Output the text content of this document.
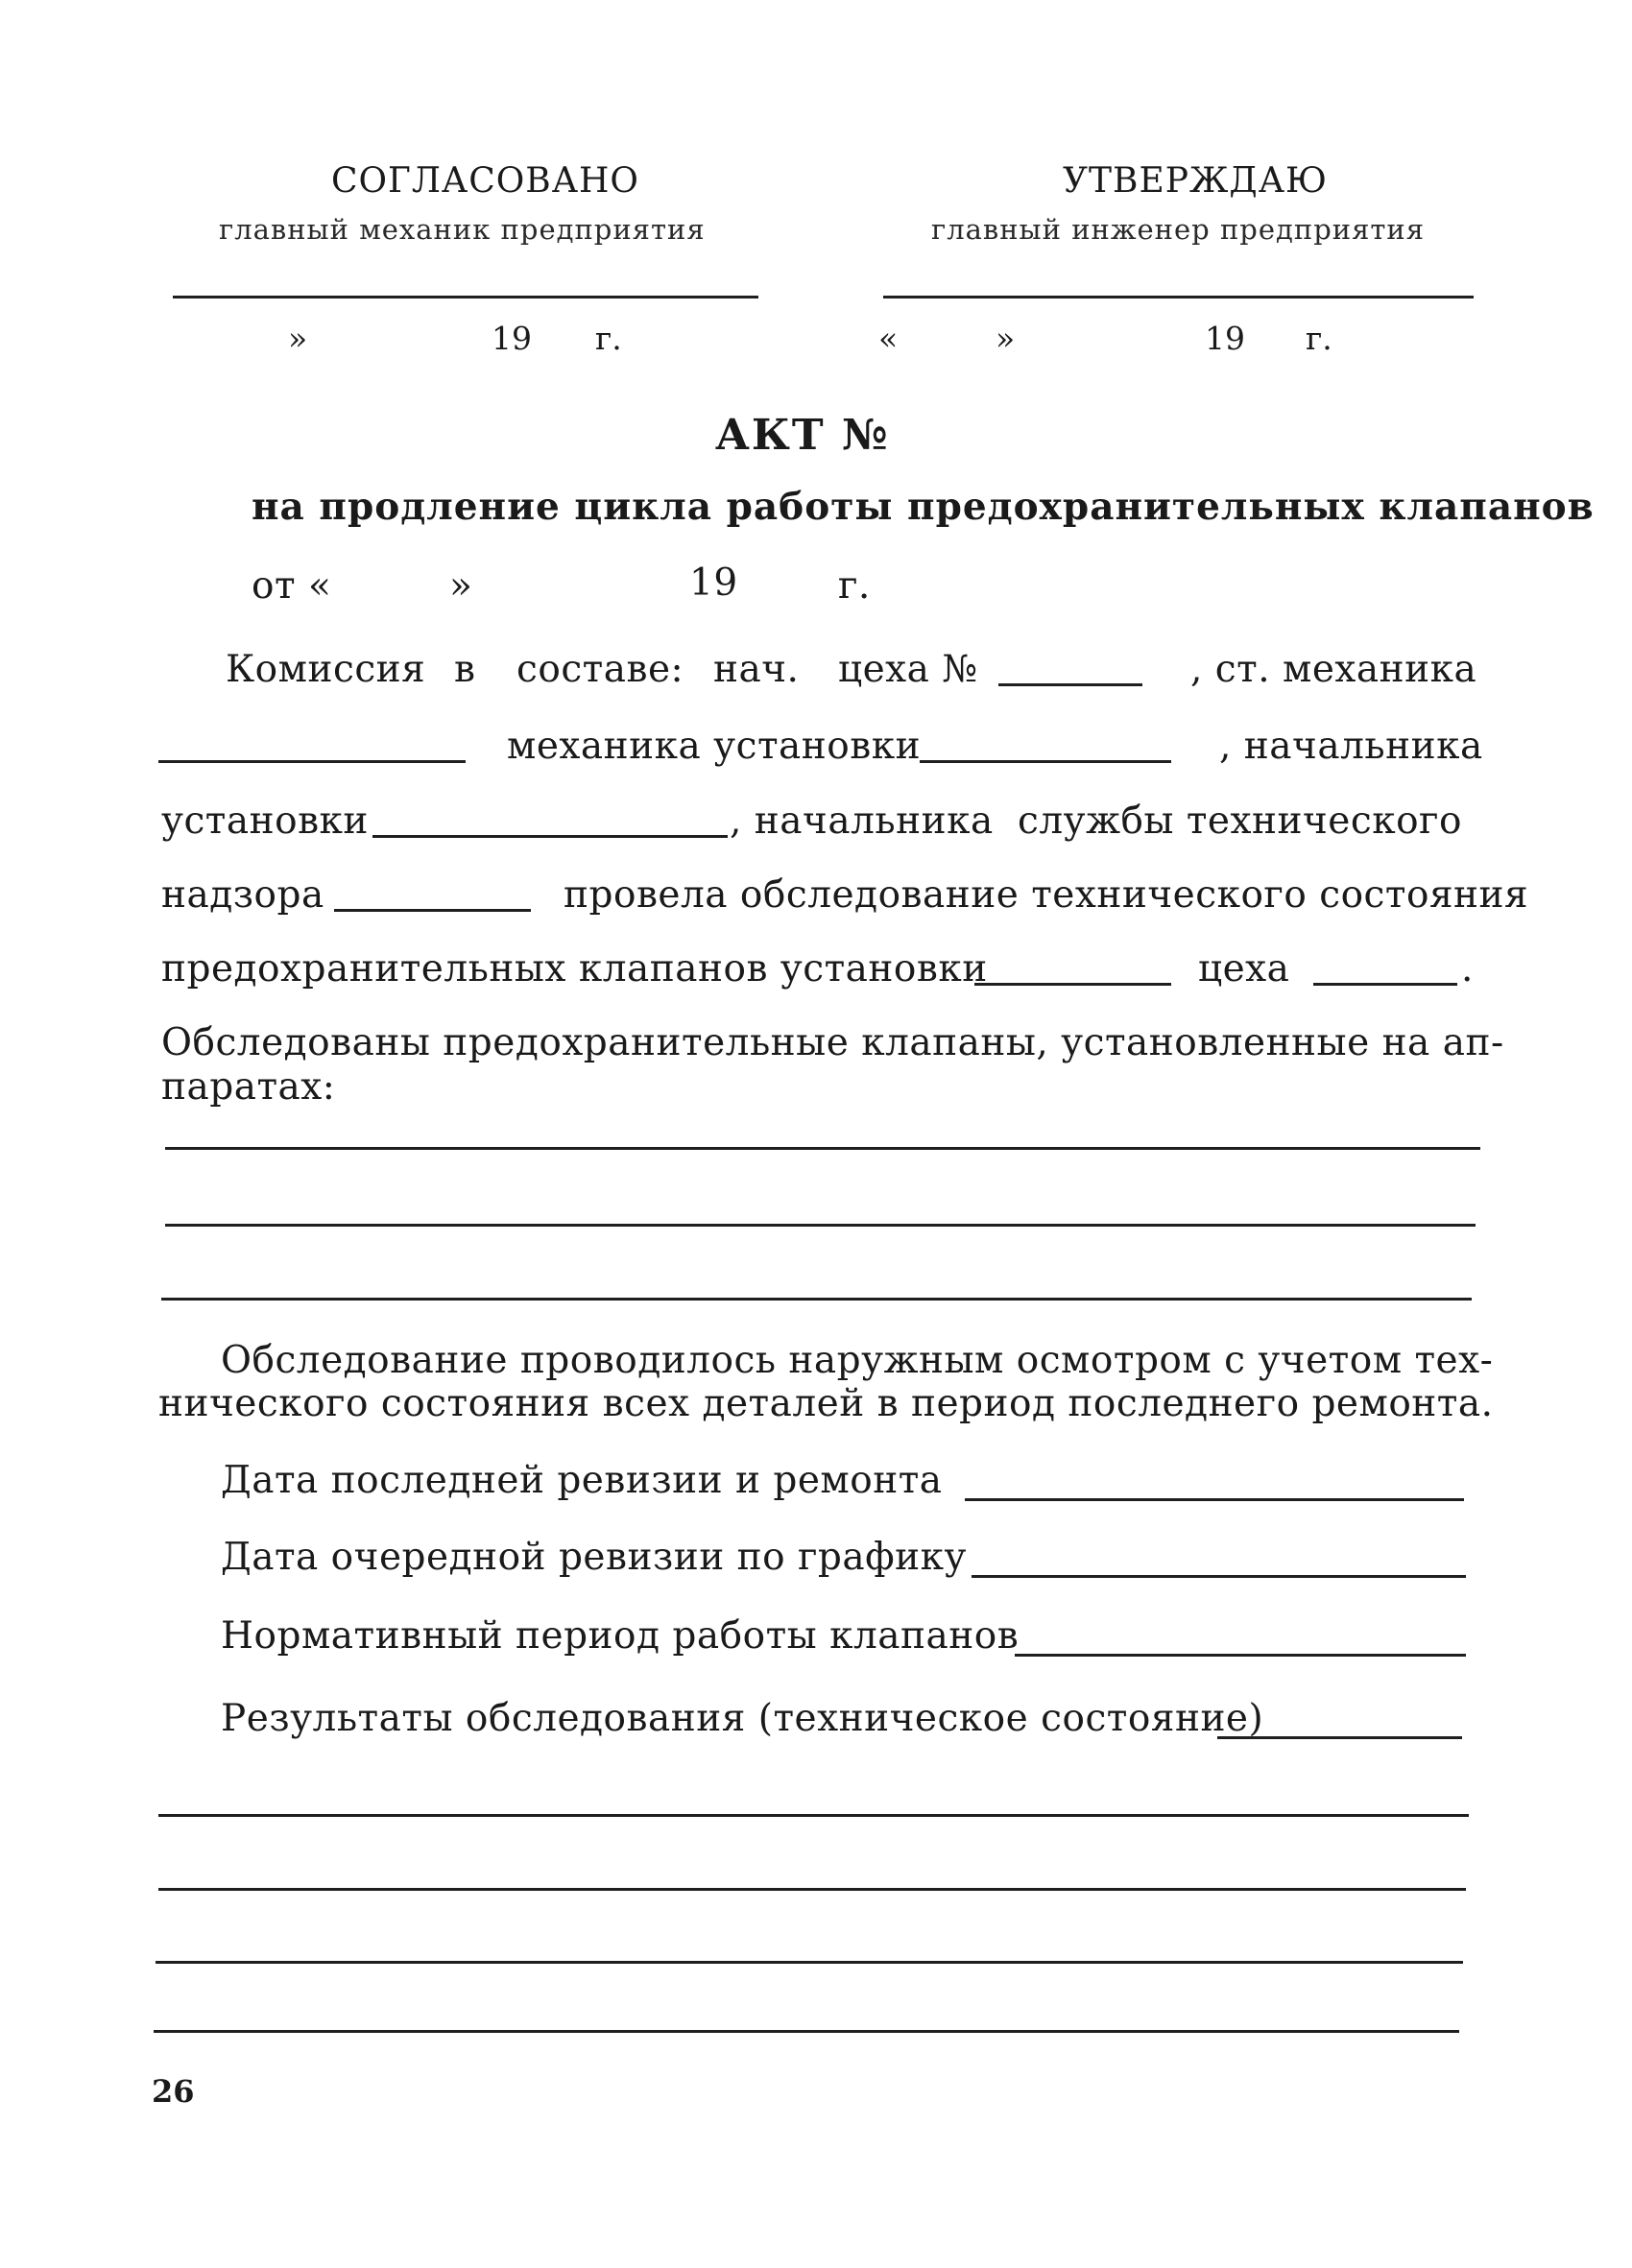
СОГЛАСОВАНО
главный механик предприятия
»	19 г.
УТВЕРЖДАЮ
главный инженер предприятия
«	»	19 г.
АКТ №
на продление цикла работы предохранительных клапанов
от «	»	19	г.
Комиссия в составе: нач. цеха №	, ст. механика
механика установки	, начальника
установки	, начальника службы технического
надзора	провела обследование технического состояния
предохранительных клапанов установки	цеха	.
Обследованы предохранительные клапаны, установленные на ап-
паратах:
Обследование проводилось наружным осмотром с учетом тех-
нического состояния всех деталей в период последнего ремонта.
Дата последней ревизии и ремонта
Дата очередной ревизии по графику
Нормативный период работы клапанов
Результаты обследования (техническое состояние)
26
